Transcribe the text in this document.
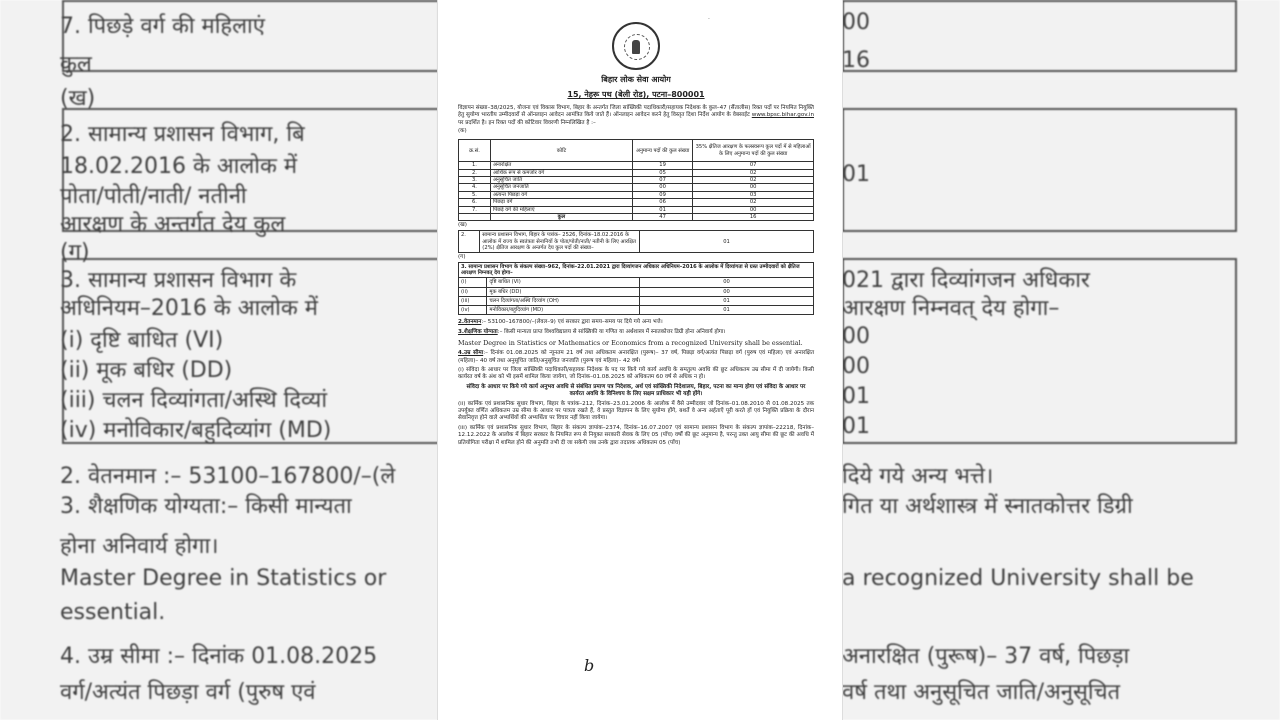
7. पिछड़े वर्ग की महिलाएं
कुल
(ख)
2. सामान्य प्रशासन विभाग, बि
18.02.2016 के आलोक में
पोता/पोती/नाती/ नतीनी
आरक्षण के अन्तर्गत देय कुल
(ग)
3. सामान्य प्रशासन विभाग के
अधिनियम–2016 के आलोक में
(i) दृष्टि बाधित (VI)
(ii) मूक बधिर (DD)
(iii) चलन दिव्यांगता/अस्थि दिव्यां
(iv) मनोविकार/बहुदिव्यांग (MD)
2. वेतनमान :– 53100–167800/–(ले
3. शैक्षणिक योग्यता:– किसी मान्यता
होना अनिवार्य होगा।
Master Degree in Statistics or
essential.
4. उम्र सीमा :– दिनांक 01.08.2025
वर्ग/अत्यंत पिछड़ा वर्ग (पुरुष एवं
00
16
01
021 द्वारा दिव्यांगजन अधिकार
आरक्षण निम्नवत् देय होगा–
00
00
01
01
दिये गये अन्य भत्ते।
गित या अर्थशास्त्र में स्नातकोत्तर डिग्री
a recognized University shall be
अनारक्षित (पुरूष)– 37 वर्ष, पिछड़ा
वर्ष तथा अनुसूचित जाति/अनुसूचित
.
बिहार लोक सेवा आयोग
15, नेहरू पथ (बेली रोड), पटना–800001
विज्ञापन संख्या–38/2025, योजना एवं विकास विभाग, बिहार के अन्तर्गत जिला सांख्यिकी पदाधिकारी/सहायक निदेशक के कुल–47 (सैंतालीस) रिक्त पदों पर नियमित नियुक्ति हेतु सुयोग्य भारतीय उम्मीदवारों से ऑनलाइन आवेदन आमंत्रित किये जाते हैं। ऑनलाइन आवेदन करने हेतु विस्तृत दिशा निर्देश आयोग के वेबसाईट www.bpsc.bihar.gov.in पर प्रदर्शित है। इन रिक्त पदों की कोटिवार विवरणी निम्नलिखित है :–
(क)
क्र.सं.	कोटि	अनुमान्य पदों की कुल संख्या	35% क्षैतिज आरक्षण के फलस्वरूप कुल पदों में से महिलाओं के लिए अनुमान्य पदों की कुल संख्या
1.	अनारक्षित	19	07
2.	आर्थिक रूप से कमजोर वर्ग	05	02
3.	अनुसूचित जाति	07	02
4.	अनुसूचित जनजाति	00	00
5.	अत्यन्त पिछड़ा वर्ग	09	03
6.	पिछड़ा वर्ग	06	02
7.	पिछड़े वर्ग की महिलाएं	01	00
	कुल	47	16
(ख)
2.	सामान्य प्रशासन विभाग, बिहार के पत्रांक– 2526, दिनांक–18.02.2016 के आलोक में राज्य के स्वतंत्रता सेनानियों के पोता/पोती/नाती/ नतीनी के लिए आरक्षित (2%) क्षैतिज आरक्षण के अन्तर्गत देय कुल पदों की संख्या–	01
(ग)
3. सामान्य प्रशासन विभाग के संकल्प संख्या–962, दिनांक–22.01.2021 द्वारा दिव्यांगजन अधिकार अधिनियम–2016 के आलोक में दिव्यांगता से ग्रस्त उम्मीदवारों को क्षैतिज आरक्षण निम्नवत् देय होगा–		
(i)	दृष्टि बाधित (VI)	00
(ii)	मूक बधिर (DD)	00
(iii)	चलन दिव्यांगता/अस्थि दिव्यांग (OH)	01
(iv)	मनोविकार/बहुदिव्यांग (MD)	01
2.वेतनमान:– 53100–167800/–(लेवल–9) एवं सरकार द्वारा समय–समय पर दिये गये अन्य भत्ते।
3.शैक्षणिक योग्यता:– किसी मान्यता प्राप्त विश्वविद्यालय से सांख्यिकी या गणित या अर्थशास्त्र में स्नातकोत्तर डिग्री होना अनिवार्य होगा।
Master Degree in Statistics or Mathematics or Economics from a recognized University shall be essential.
4.उम्र सीमा:– दिनांक 01.08.2025 को न्यूनतम 21 वर्ष तथा अधिकतम अनारक्षित (पुरूष)– 37 वर्ष, पिछड़ा वर्ग/अत्यंत पिछड़ा वर्ग (पुरुष एवं महिला) एवं अनारक्षित (महिला)– 40 वर्ष तथा अनुसूचित जाति/अनुसूचित जनजाति (पुरूष एवं महिला)– 42 वर्ष।
(i) संविदा के आधार पर जिला सांख्यिकी पदाधिकारी/सहायक निदेशक के पद पर किये गये कार्य अवधि के समतुल्य अवधि की छूट अधिकतम उम्र सीमा में दी जायेगी। किसी कार्यरत वर्ष के अंश को भी इसमें शामिल किया जायेगा, जो दिनांक–01.08.2025 को अधिकतम 60 वर्ष से अधिक न हो।
संविदा के आधार पर किये गये कार्य अनुभव अवधि से संबंधित प्रमाण पत्र निदेशक, अर्थ एवं सांख्यिकी निदेशालय, बिहार, पटना का मान्य होगा एवं संविदा के आधार पर कार्यरत अवधि के विनिश्चय के लिए सक्षम प्राधिकार भी यही होंगे।
(ii) कार्मिक एवं प्रशासनिक सुधार विभाग, बिहार के पत्रांक–212, दिनांक–23.01.2006 के आलोक में वैसे उम्मीदवार जो दिनांक–01.08.2010 से 01.08.2025 तक उपर्युक्त वर्णित अधिकतम उम्र सीमा के आधार पर पात्रता रखते हैं, वे प्रस्तुत विज्ञापन के लिए सुयोग्य होंगे, बशर्ते वे अन्य अर्हताएँ पूरी करते हों एवं नियुक्ति प्रक्रिया के दौरान सेवानिवृत्त होने वाले अभ्यर्थियों की अभ्यर्थिता पर विचार नहीं किया जायेगा।
(iii) कार्मिक एवं प्रशासनिक सुधार विभाग, बिहार के संकल्प ज्ञापांक–2374, दिनांक–16.07.2007 एवं सामान्य प्रशासन विभाग के संकल्प ज्ञापांक–22218, दिनांक–12.12.2022 के आलोक में बिहार सरकार के नियमित रूप से नियुक्त सरकारी सेवक के लिए 05 (पाँच) वर्षों की छूट अनुमान्य है, परन्तु उक्त आयु सीमा की छूट की अवधि में प्रतियोगिता परीक्षा में शामिल होने की अनुमति तभी दी जा सकेगी जब उनके द्वारा तदातक अधिकतम 05 (पाँच)
b
